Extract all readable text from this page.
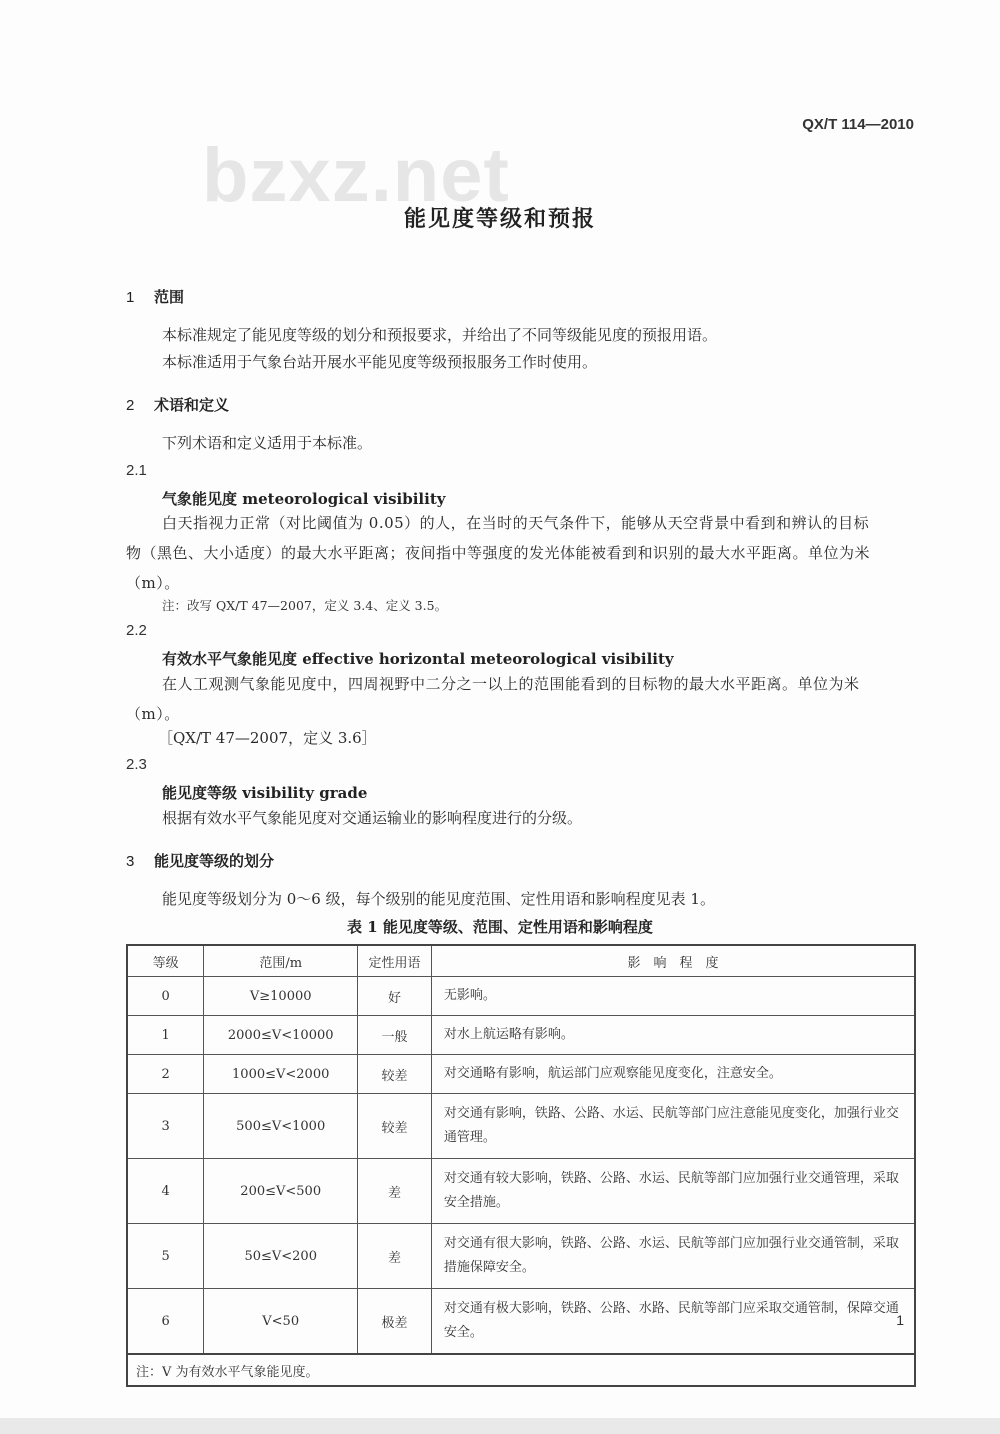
QX/T 114—2010
bzxz.net
能见度等级和预报
1 范围
本标准规定了能见度等级的划分和预报要求，并给出了不同等级能见度的预报用语。
本标准适用于气象台站开展水平能见度等级预报服务工作时使用。
2 术语和定义
下列术语和定义适用于本标准。
2.1
气象能见度 meteorological visibility
白天指视力正常（对比阈值为 0.05）的人，在当时的天气条件下，能够从天空背景中看到和辨认的目标物（黑色、大小适度）的最大水平距离；夜间指中等强度的发光体能被看到和识别的最大水平距离。单位为米（m）。
注：改写 QX/T 47—2007，定义 3.4、定义 3.5。
2.2
有效水平气象能见度 effective horizontal meteorological visibility
在人工观测气象能见度中，四周视野中二分之一以上的范围能看到的目标物的最大水平距离。单位为米（m）。
［QX/T 47—2007，定义 3.6］
2.3
能见度等级 visibility grade
根据有效水平气象能见度对交通运输业的影响程度进行的分级。
3 能见度等级的划分
能见度等级划分为 0～6 级，每个级别的能见度范围、定性用语和影响程度见表 1。
表 1 能见度等级、范围、定性用语和影响程度
等级	范围/m	定性用语	影　响　程　度
0	V≥10000	好	无影响。
1	2000≤V<10000	一般	对水上航运略有影响。
2	1000≤V<2000	较差	对交通略有影响，航运部门应观察能见度变化，注意安全。
3	500≤V<1000	较差	对交通有影响，铁路、公路、水运、民航等部门应注意能见度变化，加强行业交通管理。
4	200≤V<500	差	对交通有较大影响，铁路、公路、水运、民航等部门应加强行业交通管理，采取安全措施。
5	50≤V<200	差	对交通有很大影响，铁路、公路、水运、民航等部门应加强行业交通管制，采取措施保障安全。
6	V<50	极差	对交通有极大影响，铁路、公路、水路、民航等部门应采取交通管制，保障交通安全。
注：V 为有效水平气象能见度。			
1
